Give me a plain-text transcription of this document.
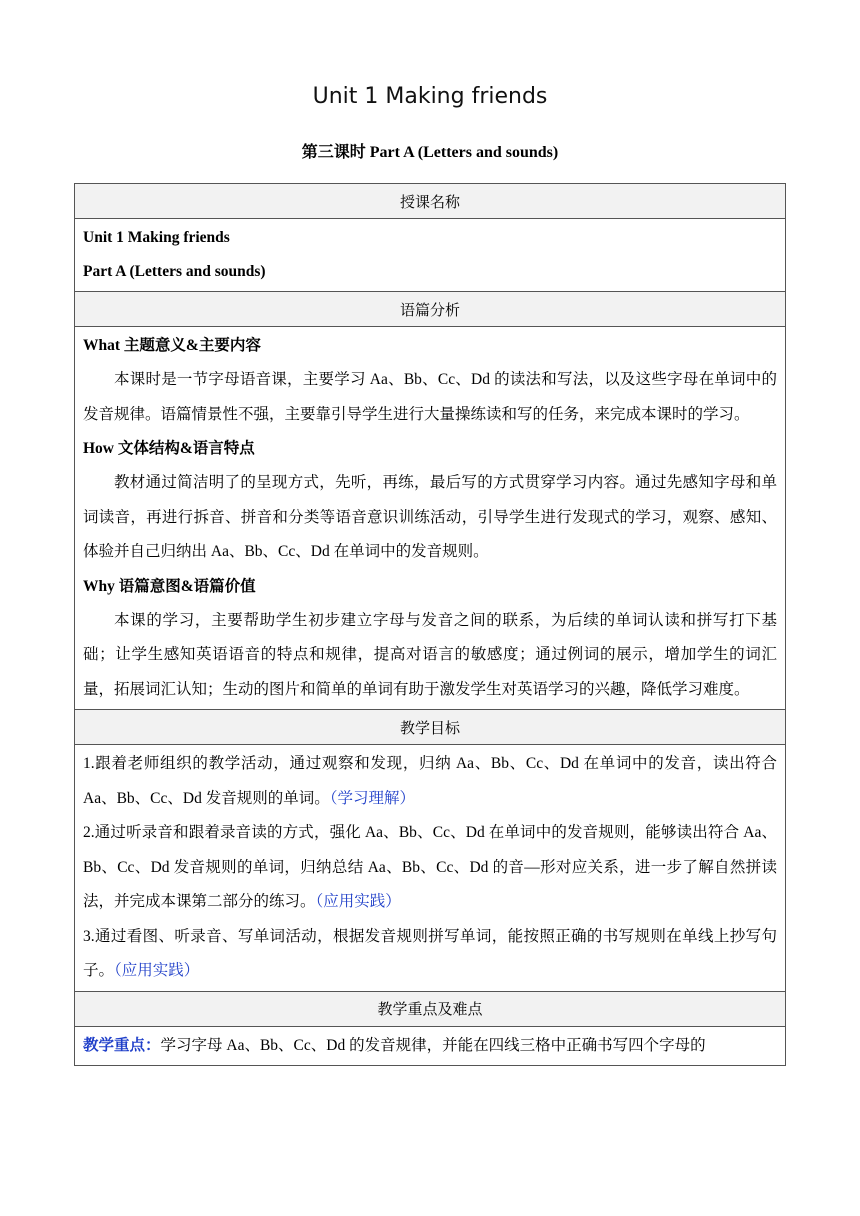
Unit 1 Making friends
第三课时 Part A (Letters and sounds)
授课名称

Unit 1 Making friends
Part A (Letters and sounds)

语篇分析

What 主题意义&主要内容
本课时是一节字母语音课，主要学习 Aa、Bb、Cc、Dd 的读法和写法，以及这些字母在单词中的发音规律。语篇情景性不强，主要靠引导学生进行大量操练读和写的任务，来完成本课时的学习。
How 文体结构&语言特点
教材通过简洁明了的呈现方式，先听，再练，最后写的方式贯穿学习内容。通过先感知字母和单词读音，再进行拆音、拼音和分类等语音意识训练活动，引导学生进行发现式的学习，观察、感知、体验并自己归纳出 Aa、Bb、Cc、Dd 在单词中的发音规则。
Why 语篇意图&语篇价值
本课的学习，主要帮助学生初步建立字母与发音之间的联系，为后续的单词认读和拼写打下基础；让学生感知英语语音的特点和规律，提高对语言的敏感度；通过例词的展示，增加学生的词汇量，拓展词汇认知；生动的图片和简单的单词有助于激发学生对英语学习的兴趣，降低学习难度。

教学目标

1.跟着老师组织的教学活动，通过观察和发现，归纳 Aa、Bb、Cc、Dd 在单词中的发音，读出符合 Aa、Bb、Cc、Dd 发音规则的单词。（学习理解）
2.通过听录音和跟着录音读的方式，强化 Aa、Bb、Cc、Dd 在单词中的发音规则，能够读出符合 Aa、Bb、Cc、Dd 发音规则的单词，归纳总结 Aa、Bb、Cc、Dd 的音—形对应关系，进一步了解自然拼读法，并完成本课第二部分的练习。（应用实践）
3.通过看图、听录音、写单词活动，根据发音规则拼写单词，能按照正确的书写规则在单线上抄写句子。（应用实践）

教学重点及难点

教学重点：学习字母 Aa、Bb、Cc、Dd 的发音规律，并能在四线三格中正确书写四个字母的
